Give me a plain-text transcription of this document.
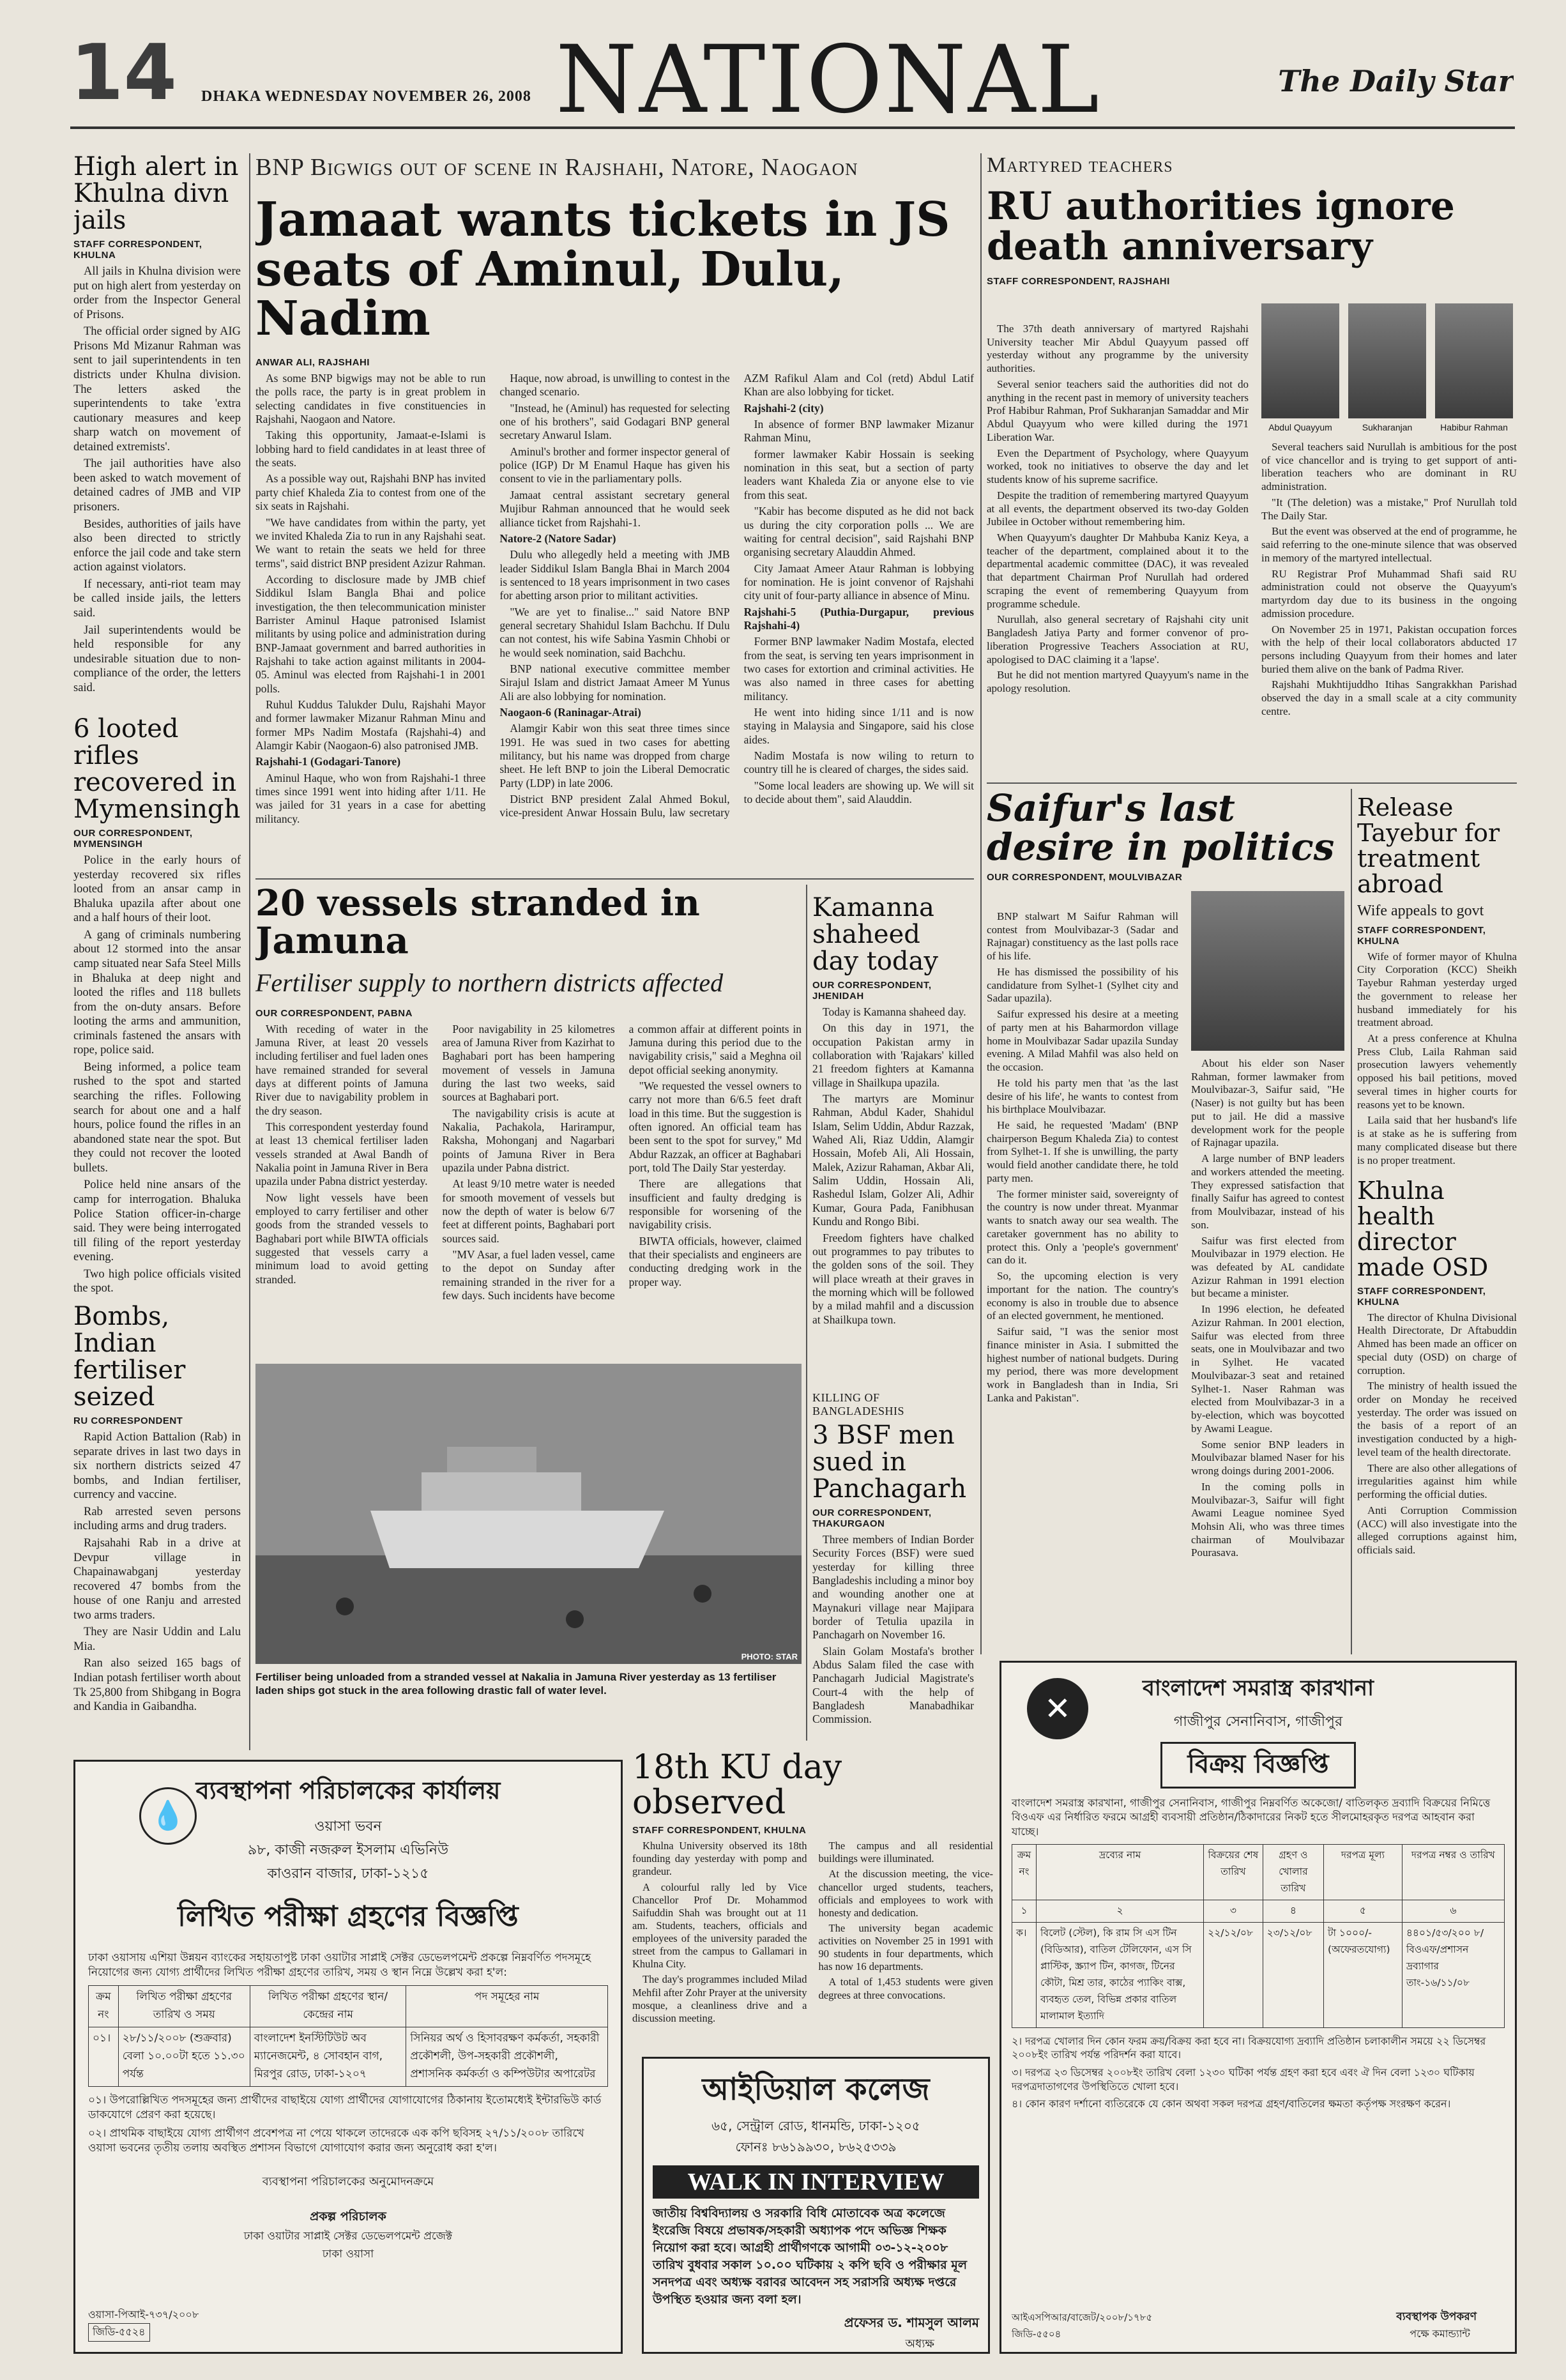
14 DHAKA WEDNESDAY NOVEMBER 26, 2008 NATIONAL	The Daily Star
High alert in Khulna divn jails
STAFF CORRESPONDENT, KHULNA

All jails in Khulna division were put on high alert from yesterday on order from the Inspector General of Prisons.

The official order signed by AIG Prisons Md Mizanur Rahman was sent to jail superintendents in ten districts under Khulna division. The letters asked the superintendents to take 'extra cautionary measures and keep sharp watch on movement of detained extremists'.

The jail authorities have also been asked to watch movement of detained cadres of JMB and VIP prisoners.

Besides, authorities of jails have also been directed to strictly enforce the jail code and take stern action against violators.

If necessary, anti-riot team may be called inside jails, the letters said.

Jail superintendents would be held responsible for any undesirable situation due to non-compliance of the order, the letters said.

6 looted rifles recovered in Mymensingh
OUR CORRESPONDENT, MYMENSINGH

Police in the early hours of yesterday recovered six rifles looted from an ansar camp in Bhaluka upazila after about one and a half hours of their loot.

A gang of criminals numbering about 12 stormed into the ansar camp situated near Safa Steel Mills in Bhaluka at deep night and looted the rifles and 118 bullets from the on-duty ansars. Before looting the arms and ammunition, criminals fastened the ansars with rope, police said.

Being informed, a police team rushed to the spot and started searching the rifles. Following search for about one and a half hours, police found the rifles in an abandoned state near the spot. But they could not recover the looted bullets.

Police held nine ansars of the camp for interrogation. Bhaluka Police Station officer-in-charge said. They were being interrogated till filing of the report yesterday evening.

Two high police officials visited the spot.

Bombs, Indian fertiliser seized
RU CORRESPONDENT

Rapid Action Battalion (Rab) in separate drives in last two days in six northern districts seized 47 bombs, and Indian fertiliser, currency and vaccine.

Rab arrested seven persons including arms and drug traders.

Rajsahahi Rab in a drive at Devpur village in Chapainawabganj yesterday recovered 47 bombs from the house of one Ranju and arrested two arms traders.

They are Nasir Uddin and Lalu Mia.

Ran also seized 165 bags of Indian potash fertiliser worth about Tk 25,800 from Shibgang in Bogra and Kandia in Gaibandha.

BNP Bigwigs out of scene in Rajshahi, Natore, Naogaon
Jamaat wants tickets in JS seats of Aminul, Dulu, Nadim
ANWAR ALI, RAJSHAHI

As some BNP bigwigs may not be able to run the polls race, the party is in great problem in selecting candidates in five constituencies in Rajshahi, Naogaon and Natore.

Taking this opportunity, Jamaat-e-Islami is lobbing hard to field candidates in at least three of the seats.

As a possible way out, Rajshahi BNP has invited party chief Khaleda Zia to contest from one of the six seats in Rajshahi.

"We have candidates from within the party, yet we invited Khaleda Zia to run in any Rajshahi seat. We want to retain the seats we held for three terms", said district BNP president Azizur Rahman.

According to disclosure made by JMB chief Siddikul Islam Bangla Bhai and police investigation, the then telecommunication minister Barrister Aminul Haque patronised Islamist militants by using police and administration during BNP-Jamaat government and barred authorities in Rajshahi to take action against militants in 2004-05. Aminul was elected from Rajshahi-1 in 2001 polls.

Ruhul Kuddus Talukder Dulu, Rajshahi Mayor and former lawmaker Mizanur Rahman Minu and former MPs Nadim Mostafa (Rajshahi-4) and Alamgir Kabir (Naogaon-6) also patronised JMB.

Rajshahi-1 (Godagari-Tanore)

Aminul Haque, who won from Rajshahi-1 three times since 1991 went into hiding after 1/11. He was jailed for 31 years in a case for abetting militancy.

Haque, now abroad, is unwilling to contest in the changed scenario.

"Instead, he (Aminul) has requested for selecting one of his brothers", said Godagari BNP general secretary Anwarul Islam.

Aminul's brother and former inspector general of police (IGP) Dr M Enamul Haque has given his consent to vie in the parliamentary polls.

Jamaat central assistant secretary general Mujibur Rahman announced that he would seek alliance ticket from Rajshahi-1.

Natore-2 (Natore Sadar)

Dulu who allegedly held a meeting with JMB leader Siddikul Islam Bangla Bhai in March 2004 is sentenced to 18 years imprisonment in two cases for abetting arson prior to militant activities.

"We are yet to finalise..." said Natore BNP general secretary Shahidul Islam Bachchu. If Dulu can not contest, his wife Sabina Yasmin Chhobi or he would seek nomination, said Bachchu.

BNP national executive committee member Sirajul Islam and district Jamaat Ameer M Yunus Ali are also lobbying for nomination.

Naogaon-6 (Raninagar-Atrai)

Alamgir Kabir won this seat three times since 1991. He was sued in two cases for abetting militancy, but his name was dropped from charge sheet. He left BNP to join the Liberal Democratic Party (LDP) in late 2006.

District BNP president Zalal Ahmed Bokul, vice-president Anwar Hossain Bulu, law secretary AZM Rafikul Alam and Col (retd) Abdul Latif Khan are also lobbying for ticket.

Rajshahi-2 (city)

In absence of former BNP lawmaker Mizanur Rahman Minu,

former lawmaker Kabir Hossain is seeking nomination in this seat, but a section of party leaders want Khaleda Zia or anyone else to vie from this seat.

"Kabir has become disputed as he did not back us during the city corporation polls ... We are waiting for central decision", said Rajshahi BNP organising secretary Alauddin Ahmed.

City Jamaat Ameer Ataur Rahman is lobbying for nomination. He is joint convenor of Rajshahi city unit of four-party alliance in absence of Minu.

Rajshahi-5 (Puthia-Durgapur, previous Rajshahi-4)

Former BNP lawmaker Nadim Mostafa, elected from the seat, is serving ten years imprisonment in two cases for extortion and criminal activities. He was also named in three cases for abetting militancy.

He went into hiding since 1/11 and is now staying in Malaysia and Singapore, said his close aides.

Nadim Mostafa is now wiling to return to country till he is cleared of charges, the sides said.

"Some local leaders are showing up. We will sit to decide about them", said Alauddin.

20 vessels stranded in Jamuna
Fertiliser supply to northern districts affected
OUR CORRESPONDENT, PABNA

With receding of water in the Jamuna River, at least 20 vessels including fertiliser and fuel laden ones have remained stranded for several days at different points of Jamuna River due to navigability problem in the dry season.

This correspondent yesterday found at least 13 chemical fertiliser laden vessels stranded at Awal Bandh of Nakalia point in Jamuna River in Bera upazila under Pabna district yesterday.

Now light vessels have been employed to carry fertiliser and other goods from the stranded vessels to Baghabari port while BIWTA officials suggested that vessels carry a minimum load to avoid getting stranded.

Poor navigability in 25 kilometres area of Jamuna River from Kazirhat to Baghabari port has been hampering movement of vessels in Jamuna during the last two weeks, said sources at Baghabari port.

The navigability crisis is acute at Nakalia, Pachakola, Harirampur, Raksha, Mohonganj and Nagarbari points of Jamuna River in Bera upazila under Pabna district.

At least 9/10 metre water is needed for smooth movement of vessels but now the depth of water is below 6/7 feet at different points, Baghabari port sources said.

"MV Asar, a fuel laden vessel, came to the depot on Sunday after remaining stranded in the river for a few days. Such incidents have become a common affair at different points in Jamuna during this period due to the navigability crisis," said a Meghna oil depot official seeking anonymity.

"We requested the vessel owners to carry not more than 6/6.5 feet draft load in this time. But the suggestion is often ignored. An official team has been sent to the spot for survey," Md Abdur Razzak, an officer at Baghabari port, told The Daily Star yesterday.

There are allegations that insufficient and faulty dredging is responsible for worsening of the navigability crisis.

BIWTA officials, however, claimed that their specialists and engineers are conducting dredging work in the proper way.

PHOTO: STAR
Fertiliser being unloaded from a stranded vessel at Nakalia in Jamuna River yesterday as 13 fertiliser laden ships got stuck in the area following drastic fall of water level.
Kamanna shaheed day today
OUR CORRESPONDENT, JHENIDAH

Today is Kamanna shaheed day.

On this day in 1971, the occupation Pakistan army in collaboration with 'Rajakars' killed 21 freedom fighters at Kamanna village in Shailkupa upazila.

The martyrs are Mominur Rahman, Abdul Kader, Shahidul Islam, Selim Uddin, Abdur Razzak, Wahed Ali, Riaz Uddin, Alamgir Hossain, Mofeb Ali, Ali Hossain, Malek, Azizur Rahaman, Akbar Ali, Salim Uddin, Hossain Ali, Rashedul Islam, Golzer Ali, Adhir Kumar, Goura Pada, Fanibhusan Kundu and Rongo Bibi.

Freedom fighters have chalked out programmes to pay tributes to the golden sons of the soil. They will place wreath at their graves in the morning which will be followed by a milad mahfil and a discussion at Shailkupa town.

KILLING OF BANGLADESHIS
3 BSF men sued in Panchagarh
OUR CORRESPONDENT, THAKURGAON

Three members of Indian Border Security Forces (BSF) were sued yesterday for killing three Bangladeshis including a minor boy and wounding another one at Maynakuri village near Majipara border of Tetulia upazila in Panchagarh on November 16.

Slain Golam Mostafa's brother Abdus Salam filed the case with Panchagarh Judicial Magistrate's Court-4 with the help of Bangladesh Manabadhikar Commission.

Martyred teachers
RU authorities ignore death anniversary
STAFF CORRESPONDENT, RAJSHAHI
Abdul Quayyum	Sukharanjan	Habibur Rahman

The 37th death anniversary of martyred Rajshahi University teacher Mir Abdul Quayyum passed off yesterday without any programme by the university authorities.

Several senior teachers said the authorities did not do anything in the recent past in memory of university teachers Prof Habibur Rahman, Prof Sukharanjan Samaddar and Mir Abdul Quayyum who were killed during the 1971 Liberation War.

Even the Department of Psychology, where Quayyum worked, took no initiatives to observe the day and let students know of his supreme sacrifice.

Despite the tradition of remembering martyred Quayyum at all events, the department observed its two-day Golden Jubilee in October without remembering him.

When Quayyum's daughter Dr Mahbuba Kaniz Keya, a teacher of the department, complained about it to the departmental academic committee (DAC), it was revealed that department Chairman Prof Nurullah had ordered scraping the event of remembering Quayyum from programme schedule.

Nurullah, also general secretary of Rajshahi city unit Bangladesh Jatiya Party and former convenor of pro-liberation Progressive Teachers Association at RU, apologised to DAC claiming it a 'lapse'.

But he did not mention martyred Quayyum's name in the apology resolution.

Several teachers said Nurullah is ambitious for the post of vice chancellor and is trying to get support of anti-liberation teachers who are dominant in RU administration.

"It (The deletion) was a mistake," Prof Nurullah told The Daily Star.

But the event was observed at the end of programme, he said referring to the one-minute silence that was observed in memory of the martyred intellectual.

RU Registrar Prof Muhammad Shafi said RU administration could not observe the Quayyum's martyrdom day due to its business in the ongoing admission procedure.

On November 25 in 1971, Pakistan occupation forces with the help of their local collaborators abducted 17 persons including Quayyum from their homes and later buried them alive on the bank of Padma River.

Rajshahi Mukhtijuddho Itihas Sangrakkhan Parishad observed the day in a small scale at a city community centre.

Saifur's last desire in politics
OUR CORRESPONDENT, MOULVIBAZAR

BNP stalwart M Saifur Rahman will contest from Moulvibazar-3 (Sadar and Rajnagar) constituency as the last polls race of his life.

He has dismissed the possibility of his candidature from Sylhet-1 (Sylhet city and Sadar upazila).

Saifur expressed his desire at a meeting of party men at his Baharmordon village home in Moulvibazar Sadar upazila Sunday evening. A Milad Mahfil was also held on the occasion.

He told his party men that 'as the last desire of his life', he wants to contest from his birthplace Moulvibazar.

He said, he requested 'Madam' (BNP chairperson Begum Khaleda Zia) to contest from Sylhet-1. If she is unwilling, the party would field another candidate there, he told party men.

The former minister said, sovereignty of the country is now under threat. Myanmar wants to snatch away our sea wealth. The caretaker government has no ability to protect this. Only a 'people's government' can do it.

So, the upcoming election is very important for the nation. The country's economy is also in trouble due to absence of an elected government, he mentioned.

Saifur said, "I was the senior most finance minister in Asia. I submitted the highest number of national budgets. During my period, there was more development work in Bangladesh than in India, Sri Lanka and Pakistan".

About his elder son Naser Rahman, former lawmaker from Moulvibazar-3, Saifur said, "He (Naser) is not guilty but has been put to jail. He did a massive development work for the people of Rajnagar upazila.

A large number of BNP leaders and workers attended the meeting. They expressed satisfaction that finally Saifur has agreed to contest from Moulvibazar, instead of his son.

Saifur was first elected from Moulvibazar in 1979 election. He was defeated by AL candidate Azizur Rahman in 1991 election but became a minister.

In 1996 election, he defeated Azizur Rahman. In 2001 election, Saifur was elected from three seats, one in Moulvibazar and two in Sylhet. He vacated Moulvibazar-3 seat and retained Sylhet-1. Naser Rahman was elected from Moulvibazar-3 in a by-election, which was boycotted by Awami League.

Some senior BNP leaders in Moulvibazar blamed Naser for his wrong doings during 2001-2006.

In the coming polls in Moulvibazar-3, Saifur will fight Awami League nominee Syed Mohsin Ali, who was three times chairman of Moulvibazar Pourasava.

Release Tayebur for treatment abroad
Wife appeals to govt
STAFF CORRESPONDENT, KHULNA

Wife of former mayor of Khulna City Corporation (KCC) Sheikh Tayebur Rahman yesterday urged the government to release her husband immediately for his treatment abroad.

At a press conference at Khulna Press Club, Laila Rahman said prosecution lawyers vehemently opposed his bail petitions, moved several times in higher courts for reasons yet to be known.

Laila said that her husband's life is at stake as he is suffering from many complicated disease but there is no proper treatment.

Khulna health director made OSD
STAFF CORRESPONDENT, KHULNA

The director of Khulna Divisional Health Directorate, Dr Aftabuddin Ahmed has been made an officer on special duty (OSD) on charge of corruption.

The ministry of health issued the order on Monday he received yesterday. The order was issued on the basis of a report of an investigation conducted by a high-level team of the health directorate.

There are also other allegations of irregularities against him while performing the official duties.

Anti Corruption Commission (ACC) will also investigate into the alleged corruptions against him, officials said.

💧
ব্যবস্থাপনা পরিচালকের কার্যালয়
ওয়াসা ভবন
৯৮, কাজী নজরুল ইসলাম এভিনিউ
কাওরান বাজার, ঢাকা-১২১৫
লিখিত পরীক্ষা গ্রহণের বিজ্ঞপ্তি
ঢাকা ওয়াসায় এশিয়া উন্নয়ন ব্যাংকের সহায়তাপুষ্ট ঢাকা ওয়াটার সাপ্লাই সেক্টর ডেভেলপমেন্ট প্রকল্পে নিম্নবর্ণিত পদসমূহে নিয়োগের জন্য যোগ্য প্রার্থীদের লিখিত পরীক্ষা গ্রহণের তারিখ, সময় ও স্থান নিম্নে উল্লেখ করা হ'ল:
ক্রম নং	লিখিত পরীক্ষা গ্রহণের তারিখ ও সময়	লিখিত পরীক্ষা গ্রহণের স্থান/কেন্দ্রের নাম	পদ সমূহের নাম
০১।	২৮/১১/২০০৮ (শুক্রবার) বেলা ১০.০০টা হতে ১১.৩০ পর্যন্ত	বাংলাদেশ ইনস্টিটিউট অব ম্যানেজমেন্ট, ৪ সোবহান বাগ, মিরপুর রোড, ঢাকা-১২০৭	সিনিয়র অর্থ ও হিসাবরক্ষণ কর্মকর্তা, সহকারী প্রকৌশলী, উপ-সহকারী প্রকৌশলী, প্রশাসনিক কর্মকর্তা ও কম্পিউটার অপারেটর
০১। উপরোল্লিখিত পদসমূহের জন্য প্রার্থীদের বাছাইয়ে যোগ্য প্রার্থীদের যোগাযোগের ঠিকানায় ইতোমধ্যেই ইন্টারভিউ কার্ড ডাকযোগে প্রেরণ করা হয়েছে।
০২। প্রাথমিক বাছাইয়ে যোগ্য প্রার্থীগণ প্রবেশপত্র না পেয়ে থাকলে তাদেরকে এক কপি ছবিসহ ২৭/১১/২০০৮ তারিখে ওয়াসা ভবনের তৃতীয় তলায় অবস্থিত প্রশাসন বিভাগে যোগাযোগ করার জন্য অনুরোধ করা হ'ল।
ব্যবস্থাপনা পরিচালকের অনুমোদনক্রমে
প্রকল্প পরিচালক
ঢাকা ওয়াটার সাপ্লাই সেক্টর ডেভেলপমেন্ট প্রজেক্ট
ঢাকা ওয়াসা
ওয়াসা-পিআই-৭৩৭/২০০৮
জিডি-৫৫২৪
18th KU day observed
STAFF CORRESPONDENT, KHULNA

Khulna University observed its 18th founding day yesterday with pomp and grandeur.

A colourful rally led by Vice Chancellor Prof Dr. Mohammod Saifuddin Shah was brought out at 11 am. Students, teachers, officials and employees of the university paraded the street from the campus to Gallamari in Khulna City.

The day's programmes included Milad Mehfil after Zohr Prayer at the university mosque, a cleanliness drive and a discussion meeting.

The campus and all residential buildings were illuminated.

At the discussion meeting, the vice-chancellor urged students, teachers, officials and employees to work with honesty and dedication.

The university began academic activities on November 25 in 1991 with 90 students in four departments, which has now 16 departments.

A total of 1,453 students were given degrees at three convocations.

আইডিয়াল কলেজ
৬৫, সেন্ট্রাল রোড, ধানমন্ডি, ঢাকা-১২০৫
ফোনঃ ৮৬১৯৯৩০, ৮৬২৫৩৩৯
WALK IN INTERVIEW
জাতীয় বিশ্ববিদ্যালয় ও সরকারি বিধি মোতাবেক অত্র কলেজে ইংরেজি বিষয়ে প্রভাষক/সহকারী অধ্যাপক পদে অভিজ্ঞ শিক্ষক নিয়োগ করা হবে। আগ্রহী প্রার্থীগণকে আগামী ০৩-১২-২০০৮ তারিখ বুধবার সকাল ১০.০০ ঘটিকায় ২ কপি ছবি ও পরীক্ষার মূল সনদপত্র এবং অধ্যক্ষ বরাবর আবেদন সহ সরাসরি অধ্যক্ষ দপ্তরে উপস্থিত হওয়ার জন্য বলা হল।
প্রফেসর ড. শামসুল আলম
অধ্যক্ষ
✕
বাংলাদেশ সমরাস্ত্র কারখানা
গাজীপুর সেনানিবাস, গাজীপুর
বিক্রয় বিজ্ঞপ্তি
বাংলাদেশ সমরাস্ত্র কারখানা, গাজীপুর সেনানিবাস, গাজীপুর নিম্নবর্ণিত অকেজো/ বাতিলকৃত দ্রব্যাদি বিক্রয়ের নিমিত্তে বিওএফ এর নির্ধারিত ফরমে আগ্রহী ব্যবসায়ী প্রতিষ্ঠান/ঠিকাদারের নিকট হতে সীলমোহরকৃত দরপত্র আহবান করা যাচ্ছে।
ক্রম নং	দ্রব্যের নাম	বিক্রয়ের শেষ তারিখ	গ্রহণ ও খোলার তারিখ	দরপত্র মূল্য	দরপত্র নম্বর ও তারিখ
১	২	৩	৪	৫	৬
ক।	বিলেট (স্টেল), কি রাম সি এস টিন (বিডিআর), বাতিল টেলিফোন, এস সি প্লাস্টিক, স্ক্র্যাপ টিন, কাগজ, টিনের কৌটা, মিশ্র তার, কাঠের প্যাকিং বাক্স, ব্যবহৃত তেল, বিভিন্ন প্রকার বাতিল মালামাল ইত্যাদি	২২/১২/০৮	২৩/১২/০৮	টা ১০০০/- (অফেরতযোগ্য)	৪৪০১/৫৩/২০০ ৮/বিওএফ/প্রশাসন দ্রব্যাগার তাং-১৬/১১/০৮
২। দরপত্র খোলার দিন কোন ফরম ক্রয়/বিক্রয় করা হবে না। বিক্রয়যোগ্য দ্রব্যাদি প্রতিষ্ঠান চলাকালীন সময়ে ২২ ডিসেম্বর ২০০৮ইং তারিখ পর্যন্ত পরিদর্শন করা যাবে।
৩। দরপত্র ২৩ ডিসেম্বর ২০০৮ইং তারিখ বেলা ১২৩০ ঘটিকা পর্যন্ত গ্রহণ করা হবে এবং ঐ দিন বেলা ১২৩০ ঘটিকায় দরপত্রদাতাগণের উপস্থিতিতে খোলা হবে।
৪। কোন কারণ দর্শানো ব্যতিরেকে যে কোন অথবা সকল দরপত্র গ্রহণ/বাতিলের ক্ষমতা কর্তৃপক্ষ সংরক্ষণ করেন।
আইএসপিআর/বাজেট/২০০৮/১৭৮৫
জিডি-৫৫০৪
ব্যবস্থাপক উপকরণ
পক্ষে কমান্ড্যান্ট
